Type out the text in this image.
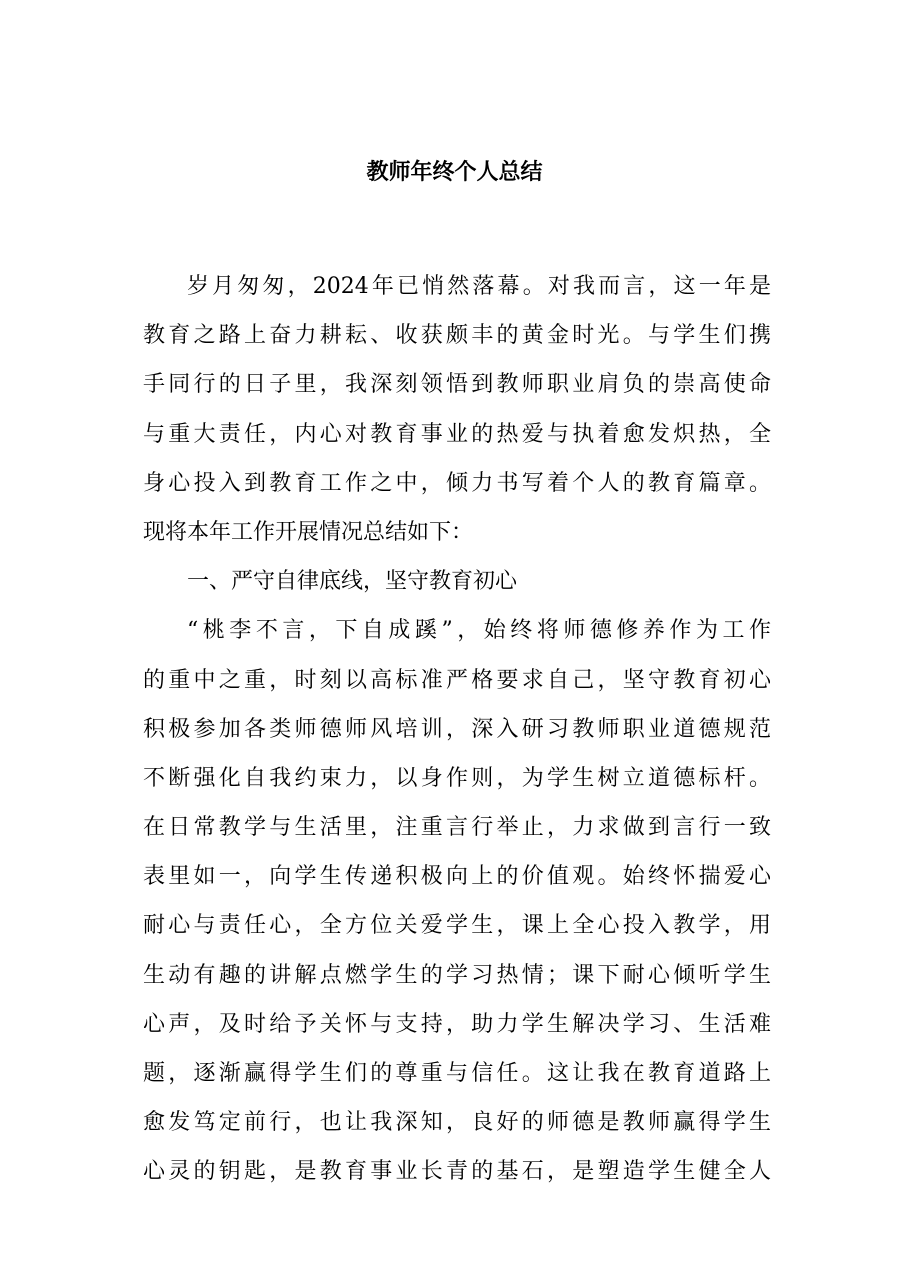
教师年终个人总结
岁月匆匆，2024年已悄然落幕。对我而言，这一年是
教育之路上奋力耕耘、收获颇丰的黄金时光。与学生们携
手同行的日子里，我深刻领悟到教师职业肩负的崇高使命
与重大责任，内心对教育事业的热爱与执着愈发炽热，全
身心投入到教育工作之中，倾力书写着个人的教育篇章。
现将本年工作开展情况总结如下：
一、严守自律底线，坚守教育初心
“桃李不言，下自成蹊”，始终将师德修养作为工作
的重中之重，时刻以高标准严格要求自己，坚守教育初心
积极参加各类师德师风培训，深入研习教师职业道德规范
不断强化自我约束力，以身作则，为学生树立道德标杆。
在日常教学与生活里，注重言行举止，力求做到言行一致
表里如一，向学生传递积极向上的价值观。始终怀揣爱心
耐心与责任心，全方位关爱学生，课上全心投入教学，用
生动有趣的讲解点燃学生的学习热情；课下耐心倾听学生
心声，及时给予关怀与支持，助力学生解决学习、生活难
题，逐渐赢得学生们的尊重与信任。这让我在教育道路上
愈发笃定前行，也让我深知，良好的师德是教师赢得学生
心灵的钥匙，是教育事业长青的基石，是塑造学生健全人
